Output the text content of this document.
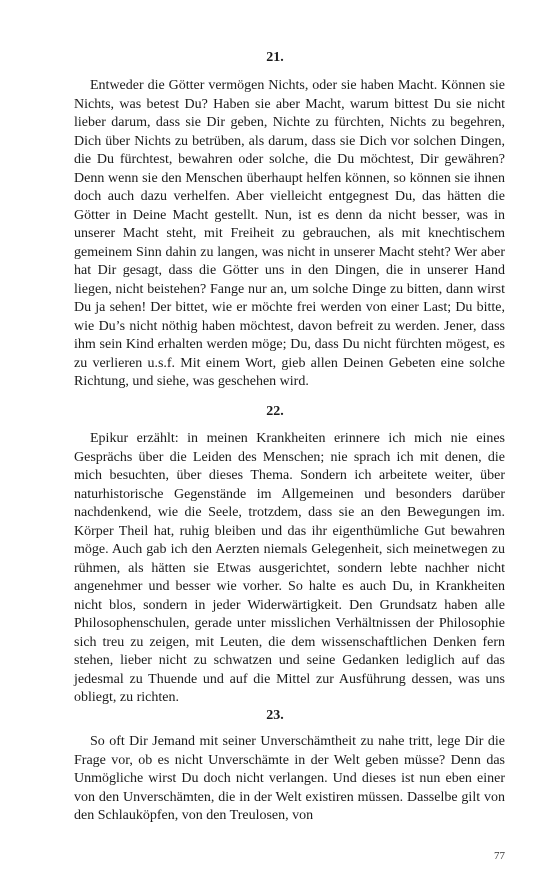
21.

Entweder die Götter vermögen Nichts, oder sie haben Macht. Können sie Nichts, was betest Du? Haben sie aber Macht, warum bittest Du sie nicht lieber darum, dass sie Dir geben, Nichte zu fürchten, Nichts zu begehren, Dich über Nichts zu betrüben, als darum, dass sie Dich vor solchen Dingen, die Du fürchtest, bewahren oder solche, die Du möchtest, Dir gewähren? Denn wenn sie den Menschen überhaupt helfen können, so können sie ihnen doch auch dazu verhelfen. Aber vielleicht entgegnest Du, das hätten die Götter in Deine Macht gestellt. Nun, ist es denn da nicht besser, was in unserer Macht steht, mit Freiheit zu gebrauchen, als mit knechtischem gemeinem Sinn dahin zu langen, was nicht in unserer Macht steht? Wer aber hat Dir gesagt, dass die Götter uns in den Dingen, die in unserer Hand liegen, nicht beistehen? Fange nur an, um solche Dinge zu bitten, dann wirst Du ja sehen! Der bittet, wie er möchte frei werden von einer Last; Du bitte, wie Du’s nicht nöthig haben möchtest, davon befreit zu werden. Jener, dass ihm sein Kind erhalten werden möge; Du, dass Du nicht fürchten mögest, es zu verlieren u.s.f. Mit einem Wort, gieb allen Deinen Gebeten eine solche Richtung, und siehe, was geschehen wird.

22.

Epikur erzählt: in meinen Krankheiten erinnere ich mich nie eines Gesprächs über die Leiden des Menschen; nie sprach ich mit denen, die mich besuchten, über dieses Thema. Sondern ich arbeitete weiter, über naturhistorische Gegenstände im Allgemeinen und besonders darüber nachdenkend, wie die Seele, trotzdem, dass sie an den Bewegungen im. Körper Theil hat, ruhig bleiben und das ihr eigenthümliche Gut bewahren möge. Auch gab ich den Aerzten niemals Gelegenheit, sich meinetwegen zu rühmen, als hätten sie Etwas ausgerichtet, sondern lebte nachher nicht angenehmer und besser wie vorher. So halte es auch Du, in Krankheiten nicht blos, sondern in jeder Widerwärtigkeit. Den Grundsatz haben alle Philosophenschulen, gerade unter misslichen Verhältnissen der Philosophie sich treu zu zeigen, mit Leuten, die dem wissenschaftlichen Denken fern stehen, lieber nicht zu schwatzen und seine Gedanken lediglich auf das jedesmal zu Thuende und auf die Mittel zur Ausführung dessen, was uns obliegt, zu richten.

23.

So oft Dir Jemand mit seiner Unverschämtheit zu nahe tritt, lege Dir die Frage vor, ob es nicht Unverschämte in der Welt geben müsse? Denn das Unmögliche wirst Du doch nicht verlangen. Und dieses ist nun eben einer von den Unverschämten, die in der Welt existiren müssen. Dasselbe gilt von den Schlauköpfen, von den Treulosen, von

77
